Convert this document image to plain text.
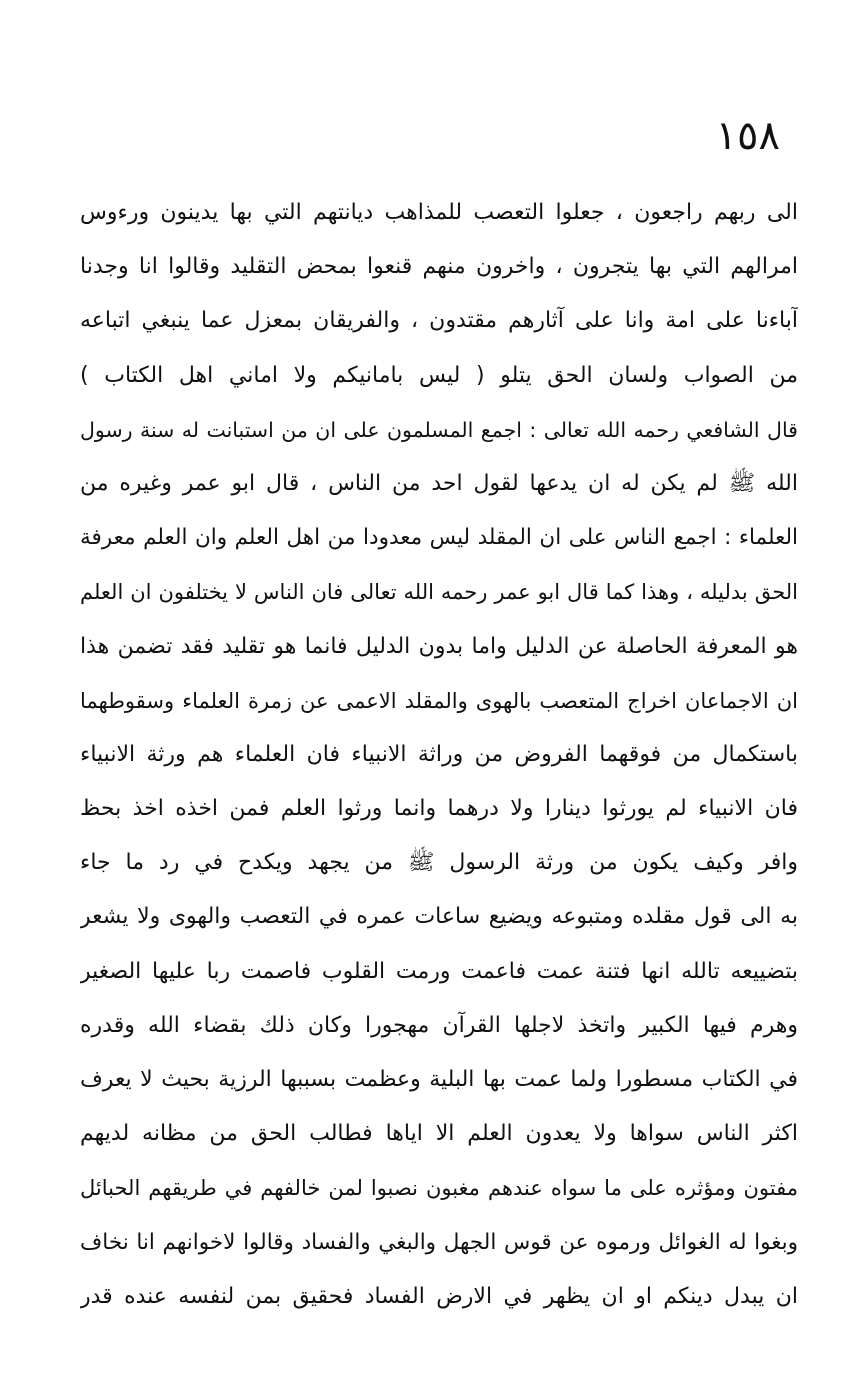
١٥٨
الى ربهم راجعون ، جعلوا التعصب للمذاهب ديانتهم التي بها يدينون ورءوس
امرالهم التي بها يتجرون ، واخرون منهم قنعوا بمحض التقليد وقالوا انا وجدنا
آباءنا على امة وانا على آثارهم مقتدون ، والفريقان بمعزل عما ينبغي اتباعه
من الصواب ولسان الحق يتلو ( ليس بامانيكم ولا اماني اهل الكتاب )
قال الشافعي رحمه الله تعالى : اجمع المسلمون على ان من استبانت له سنة رسول
الله ﷺ لم يكن له ان يدعها لقول احد من الناس ، قال ابو عمر وغيره من
العلماء : اجمع الناس على ان المقلد ليس معدودا من اهل العلم وان العلم معرفة
الحق بدليله ، وهذا كما قال ابو عمر رحمه الله تعالى فان الناس لا يختلفون ان العلم
هو المعرفة الحاصلة عن الدليل واما بدون الدليل فانما هو تقليد فقد تضمن هذا
ان الاجماعان اخراج المتعصب بالهوى والمقلد الاعمى عن زمرة العلماء وسقوطهما
باستكمال من فوقهما الفروض من وراثة الانبياء فان العلماء هم ورثة الانبياء
فان الانبياء لم يورثوا دينارا ولا درهما وانما ورثوا العلم فمن اخذه اخذ بحظ
وافر وكيف يكون من ورثة الرسول ﷺ من يجهد ويكدح في رد ما جاء
به الى قول مقلده ومتبوعه ويضيع ساعات عمره في التعصب والهوى ولا يشعر
بتضييعه تالله انها فتنة عمت فاعمت ورمت القلوب فاصمت ربا عليها الصغير
وهرم فيها الكبير واتخذ لاجلها القرآن مهجورا وكان ذلك بقضاء الله وقدره
في الكتاب مسطورا ولما عمت بها البلية وعظمت بسببها الرزية بحيث لا يعرف
اكثر الناس سواها ولا يعدون العلم الا اياها فطالب الحق من مظانه لديهم
مفتون ومؤثره على ما سواه عندهم مغبون نصبوا لمن خالفهم في طريقهم الحبائل
وبغوا له الغوائل ورموه عن قوس الجهل والبغي والفساد وقالوا لاخوانهم انا نخاف
ان يبدل دينكم او ان يظهر في الارض الفساد فحقيق بمن لنفسه عنده قدر
